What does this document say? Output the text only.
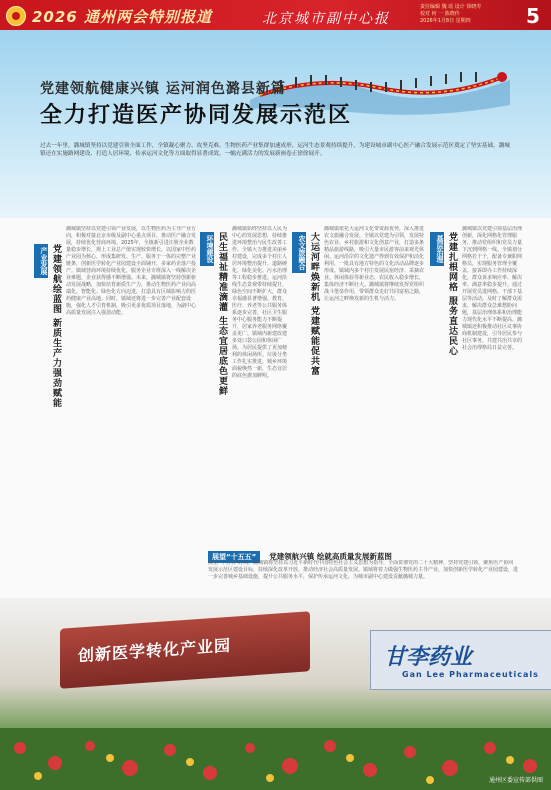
2026 通州两会特别报道	北京城市副中心报
责任编辑 魏 瑶 设计 徐晓寿
校对 何 一 陈晓伶
2026年1月8日 星期四	5
党建领航健康兴镇 运河润色潞县新篇
全力打造医产协同发展示范区
过去一年里，潞城镇坚持以党建引领全面工作，全镇凝心聚力、攻坚克难，生物医药产业集群加速成形，运河生态景观持续提升，为建设城市副中心医产融合发展示范区奠定了坚实基础。潞城镇还在实施路网建设、打造人居环境、传承运河文化等方面取得显著成效，一幅充满活力的发展新画卷正徐徐展开。
产业发展 党建领航绘蓝图 新质生产力强劲赋能
潞城镇坚持以党建引领产业发展，以生物医药为主导产业方向，积极对接北京市级及副中心重点项目，推动医产融合发展，持续优化营商环境。2025年，全镇新引进注册企业数量稳步增长，规上工业总产值实现较快增长。以国家中医药产业园为核心，形成集研发、生产、服务于一体的完整产业链条，创新医学转化产业园建设全面铺开，多家药企落户投产。镇域营商环境持续优化，服务企业专班深入一线解决企业难题，企业获得感不断增强。未来，潞城镇将坚持创新驱动发展战略，加快培育新质生产力，推动生物医药产业向高端化、智能化、绿色化方向迈进，打造具有区域影响力的医药健康产业高地。同时，镇域还将进一步完善产业配套设施，强化人才引育机制，吸引更多优质项目落地，为副中心高质量发展注入强劲动能。
环境建设 民生福祉精准滴灌 生态宜居底色更鲜
潞城镇始终坚持以人民为中心的发展思想，持续推进环境整治与民生改善工作。全镇大力推进美丽乡村建设，完成多个村庄人居环境整治提升，道路硬化、绿化美化、污水治理等工程稳步推进。运河沿线生态景观带持续提升，绿色空间不断扩大，群众幸福感显著增强。教育、医疗、养老等公共服务体系逐步完善，社区卫生服务中心服务能力不断提升，居家养老服务网络覆盖更广。镇域内新建改建多处口袋公园和休闲广场，为居民提供了更加便利的休闲场所。垃圾分类工作扎实推进，城乡环境面貌焕然一新，生态宜居的底色愈加鲜明。
农文旅融合 大运河畔焕新机 党建赋能促共富
潞城镇依托大运河文化带资源优势，深入推进农文旅融合发展。全镇以党建为引领，发展特色农业、乡村旅游和文化创意产业，打造多条精品旅游线路，吸引大量市民游客前来观光休闲。运河沿岸的文化遗产得到有效保护和活化利用，一批具有地方特色的文化活动品牌逐步形成。镇域内多个村庄发展民宿经济、采摘农业、休闲体验等新业态，农民收入稳步增长，集体经济不断壮大。潞城镇将继续发挥党组织战斗堡垒作用，带领群众走好共同富裕之路，让运河之畔焕发新的生机与活力。
基层治理 党建扎根网格 服务直达民心
潞城镇以党建引领基层治理创新，深化网格化管理服务，推动党组织和党员力量下沉到网格一线。全镇划分网格若干个，配备专兼职网格员，实现服务管理全覆盖。接诉即办工作持续深化，群众诉求响应率、解决率、满意率稳步提升。通过开展党员进网格、干部下基层等活动，及时了解群众需求，解决群众急难愁盼问题，基层治理体系和治理能力现代化水平不断提高。潞城镇还积极推动社区议事协商机制建设，引导居民参与社区事务，共建共治共享的社会治理格局日益完善。
展望“十五五” 党建领航兴镇 绘就高质量发展新蓝图
展望“十五五”时期，潞城镇将坚持以习近平新时代中国特色社会主义思想为指导，全面贯彻党的二十大精神，坚持党建引领，聚焦医产协同发展示范区建设目标，持续深化改革开放，推动经济社会高质量发展。镇域将着力做强生物医药主导产业，加快创新医学转化产业园建设，进一步完善城乡基础设施，提升公共服务水平，保护传承运河文化，为城市副中心建设贡献潞城力量。
创新医学转化产业园	甘李药业
Gan Lee Pharmaceuticals
通州区委宣传部供图
